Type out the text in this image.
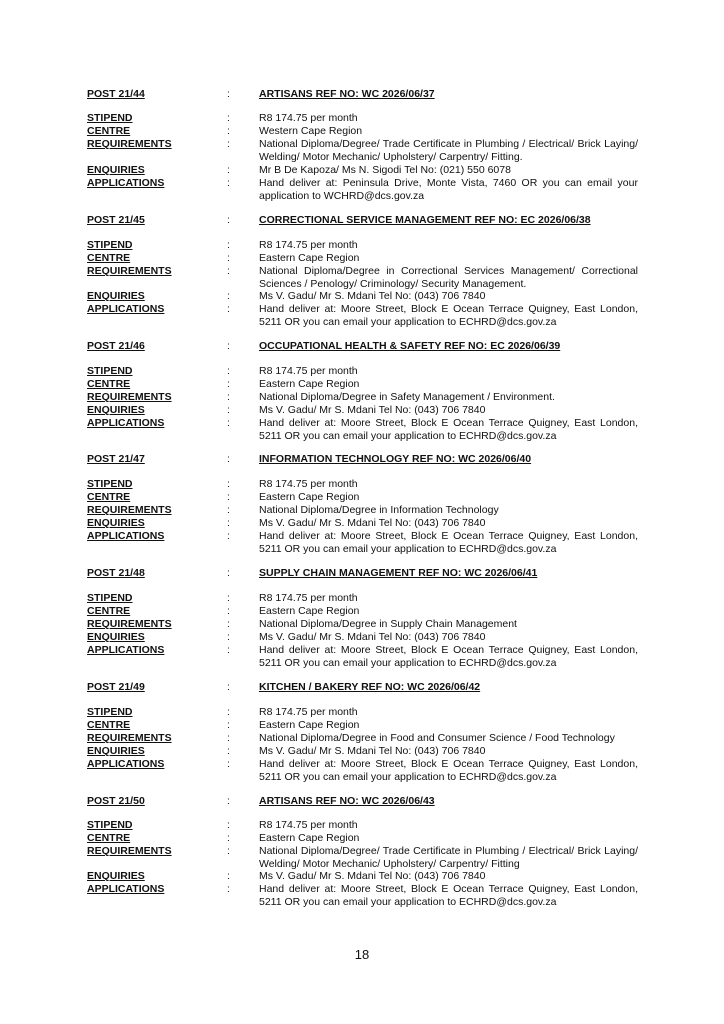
POST 21/44	:	ARTISANS REF NO: WC 2026/06/37
STIPEND	:	R8 174.75 per month
CENTRE	:	Western Cape Region
REQUIREMENTS	:	National Diploma/Degree/ Trade Certificate in Plumbing / Electrical/ Brick Laying/ Welding/ Motor Mechanic/ Upholstery/ Carpentry/ Fitting.
ENQUIRIES	:	Mr B De Kapoza/ Ms N. Sigodi Tel No: (021) 550 6078
APPLICATIONS	:	Hand deliver at: Peninsula Drive, Monte Vista, 7460 OR you can email your application to WCHRD@dcs.gov.za
POST 21/45	:	CORRECTIONAL SERVICE MANAGEMENT REF NO: EC 2026/06/38
STIPEND	:	R8 174.75 per month
CENTRE	:	Eastern Cape Region
REQUIREMENTS	:	National Diploma/Degree in Correctional Services Management/ Correctional Sciences / Penology/ Criminology/ Security Management.
ENQUIRIES	:	Ms V. Gadu/ Mr S. Mdani Tel No: (043) 706 7840
APPLICATIONS	:	Hand deliver at: Moore Street, Block E Ocean Terrace Quigney, East London, 5211 OR you can email your application to ECHRD@dcs.gov.za
POST 21/46	:	OCCUPATIONAL HEALTH & SAFETY REF NO: EC 2026/06/39
STIPEND	:	R8 174.75 per month
CENTRE	:	Eastern Cape Region
REQUIREMENTS	:	National Diploma/Degree in Safety Management / Environment.
ENQUIRIES	:	Ms V. Gadu/ Mr S. Mdani Tel No: (043) 706 7840
APPLICATIONS	:	Hand deliver at: Moore Street, Block E Ocean Terrace Quigney, East London, 5211 OR you can email your application to ECHRD@dcs.gov.za
POST 21/47	:	INFORMATION TECHNOLOGY REF NO: WC 2026/06/40
STIPEND	:	R8 174.75 per month
CENTRE	:	Eastern Cape Region
REQUIREMENTS	:	National Diploma/Degree in Information Technology
ENQUIRIES	:	Ms V. Gadu/ Mr S. Mdani Tel No: (043) 706 7840
APPLICATIONS	:	Hand deliver at: Moore Street, Block E Ocean Terrace Quigney, East London, 5211 OR you can email your application to ECHRD@dcs.gov.za
POST 21/48	:	SUPPLY CHAIN MANAGEMENT REF NO: WC 2026/06/41
STIPEND	:	R8 174.75 per month
CENTRE	:	Eastern Cape Region
REQUIREMENTS	:	National Diploma/Degree in Supply Chain Management
ENQUIRIES	:	Ms V. Gadu/ Mr S. Mdani Tel No: (043) 706 7840
APPLICATIONS	:	Hand deliver at: Moore Street, Block E Ocean Terrace Quigney, East London, 5211 OR you can email your application to ECHRD@dcs.gov.za
POST 21/49	:	KITCHEN / BAKERY REF NO: WC 2026/06/42
STIPEND	:	R8 174.75 per month
CENTRE	:	Eastern Cape Region
REQUIREMENTS	:	National Diploma/Degree in Food and Consumer Science / Food Technology
ENQUIRIES	:	Ms V. Gadu/ Mr S. Mdani Tel No: (043) 706 7840
APPLICATIONS	:	Hand deliver at: Moore Street, Block E Ocean Terrace Quigney, East London, 5211 OR you can email your application to ECHRD@dcs.gov.za
POST 21/50	:	ARTISANS REF NO: WC 2026/06/43
STIPEND	:	R8 174.75 per month
CENTRE	:	Eastern Cape Region
REQUIREMENTS	:	National Diploma/Degree/ Trade Certificate in Plumbing / Electrical/ Brick Laying/ Welding/ Motor Mechanic/ Upholstery/ Carpentry/ Fitting
ENQUIRIES	:	Ms V. Gadu/ Mr S. Mdani Tel No: (043) 706 7840
APPLICATIONS	:	Hand deliver at: Moore Street, Block E Ocean Terrace Quigney, East London, 5211 OR you can email your application to ECHRD@dcs.gov.za
18
